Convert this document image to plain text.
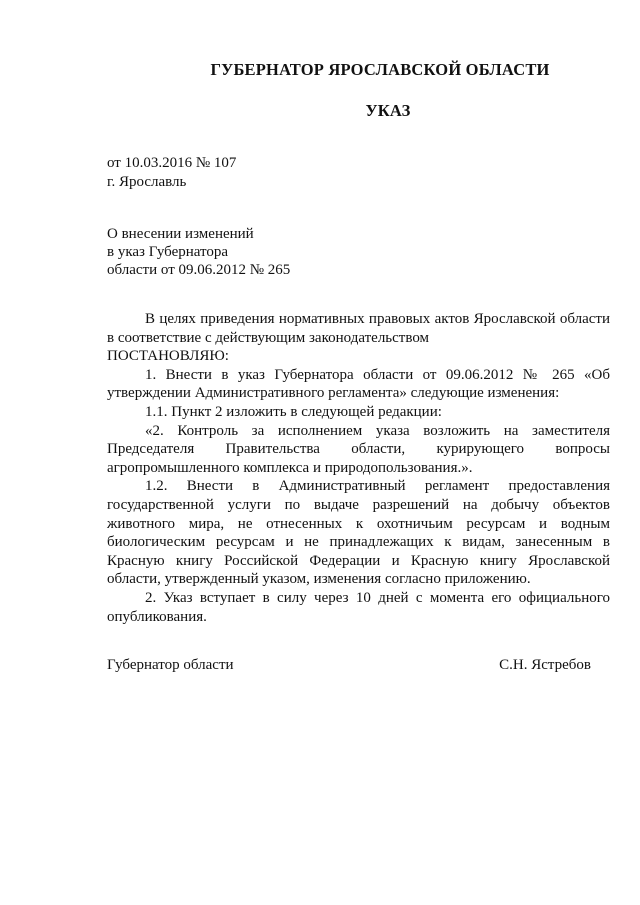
ГУБЕРНАТОР ЯРОСЛАВСКОЙ ОБЛАСТИ
УКАЗ
от 10.03.2016 № 107
г. Ярославль
О внесении изменений
в указ Губернатора
области от 09.06.2012 № 265

В целях приведения нормативных правовых актов Ярославской области в соответствие с действующим законодательством

ПОСТАНОВЛЯЮ:

1. Внести в указ Губернатора области от 09.06.2012 № 265 «Об утверждении Административного регламента» следующие изменения:

1.1. Пункт 2 изложить в следующей редакции:

«2. Контроль за исполнением указа возложить на заместителя Председателя Правительства области, курирующего вопросы агропромышленного комплекса и природопользования.».

1.2. Внести в Административный регламент предоставления государственной услуги по выдаче разрешений на добычу объектов животного мира, не отнесенных к охотничьим ресурсам и водным биологическим ресурсам и не принадлежащих к видам, занесенным в Красную книгу Российской Федерации и Красную книгу Ярославской области, утвержденный указом, изменения согласно приложению.

2. Указ вступает в силу через 10 дней с момента его официального опубликования.

Губернатор области	С.Н. Ястребов
